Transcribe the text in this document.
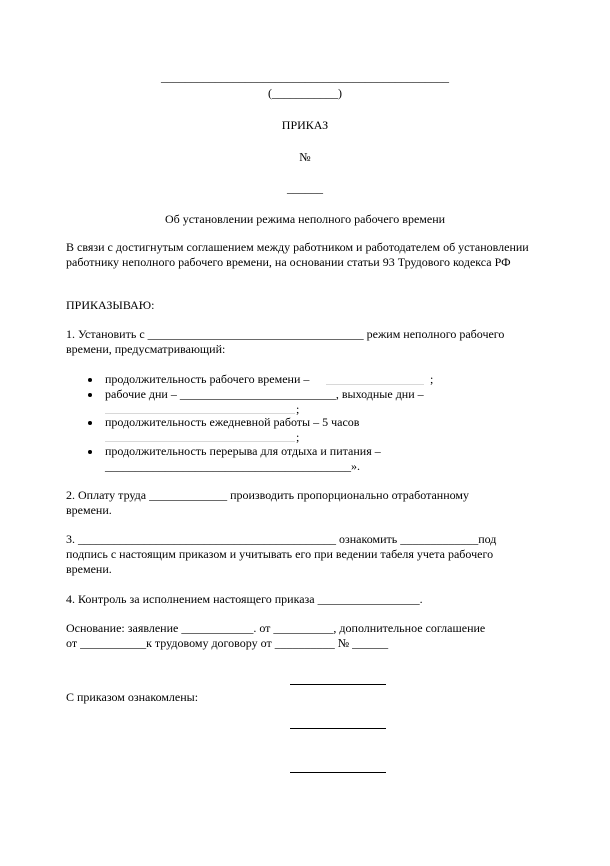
________________________________________________
(___________)
ПРИКАЗ
№
______
Об установлении режима неполного рабочего времени
В связи с достигнутым соглашением между работником и работодателем об установлении работнику неполного рабочего времени, на основании статьи 93 Трудового кодекса РФ
ПРИКАЗЫВАЮ:
1. Установить с ____________________________________ режим неполного рабочего
времени, предусматривающий:
продолжительность рабочего времени –	;
рабочие дни – __________________________, выходные дни –
;
продолжительность ежедневной работы – 5 часов
;
продолжительность перерыва для отдыха и питания –
_________________________________________».
2. Оплату труда _____________ производить пропорционально отработанному
времени.
3. ___________________________________________ ознакомить _____________под
подпись с настоящим приказом и учитывать его при ведении табеля учета рабочего
времени.
4. Контроль за исполнением настоящего приказа _________________.
Основание: заявление ____________. от __________, дополнительное соглашение
от ___________к трудовому договору от __________ № ______
С приказом ознакомлены:
